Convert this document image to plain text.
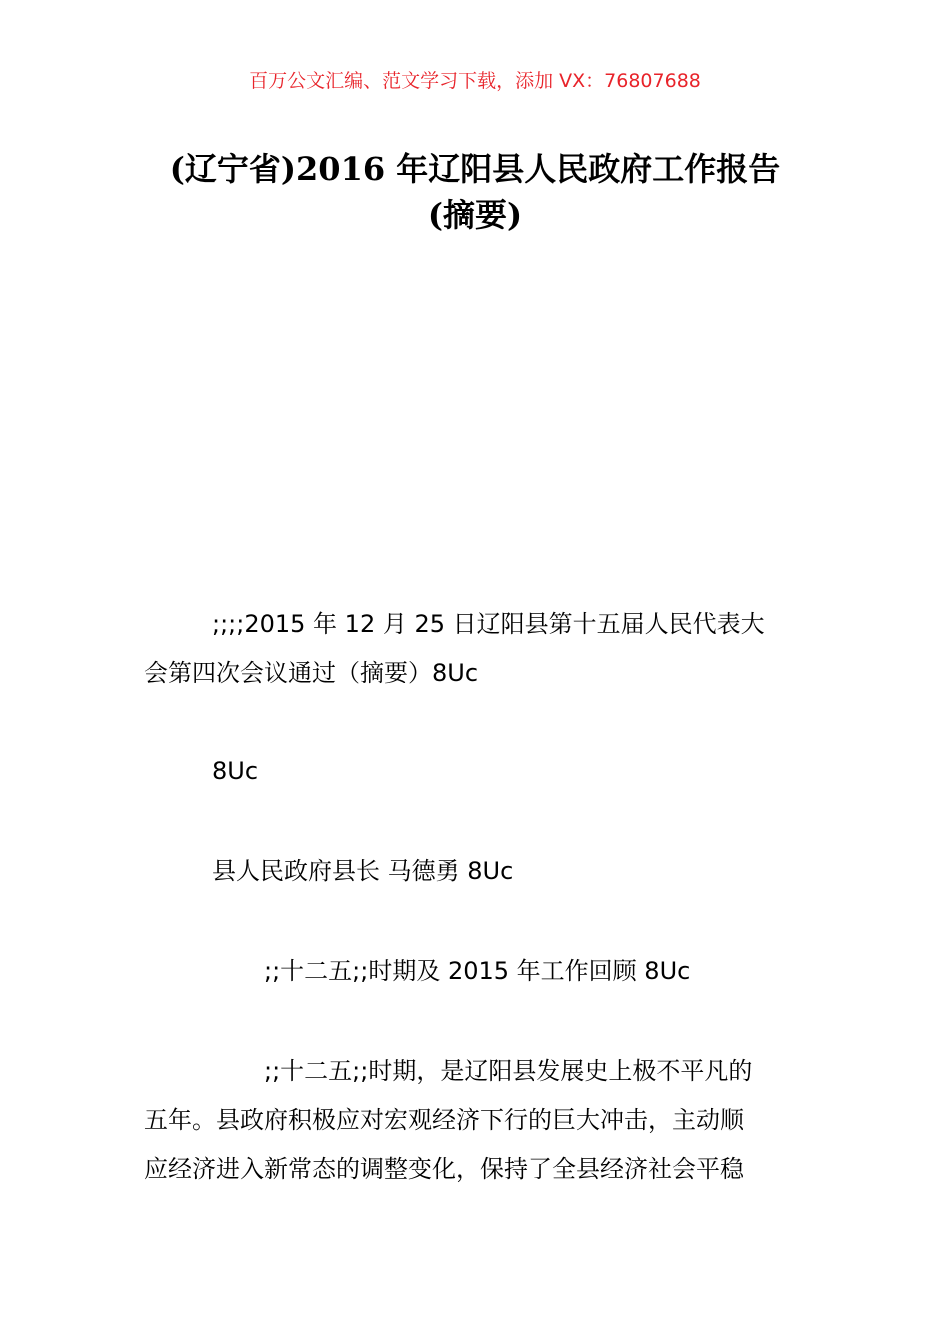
百万公文汇编、范文学习下载，添加 VX：76807688
(辽宁省)2016 年辽阳县人民政府工作报告
(摘要)

;;;;2015 年 12 月 25 日辽阳县第十五届人民代表大
会第四次会议通过（摘要）8Uc

8Uc

县人民政府县长 马德勇 8Uc

;;十二五;;时期及 2015 年工作回顾 8Uc

;;十二五;;时期，是辽阳县发展史上极不平凡的
五年。县政府积极应对宏观经济下行的巨大冲击，主动顺
应经济进入新常态的调整变化，保持了全县经济社会平稳
